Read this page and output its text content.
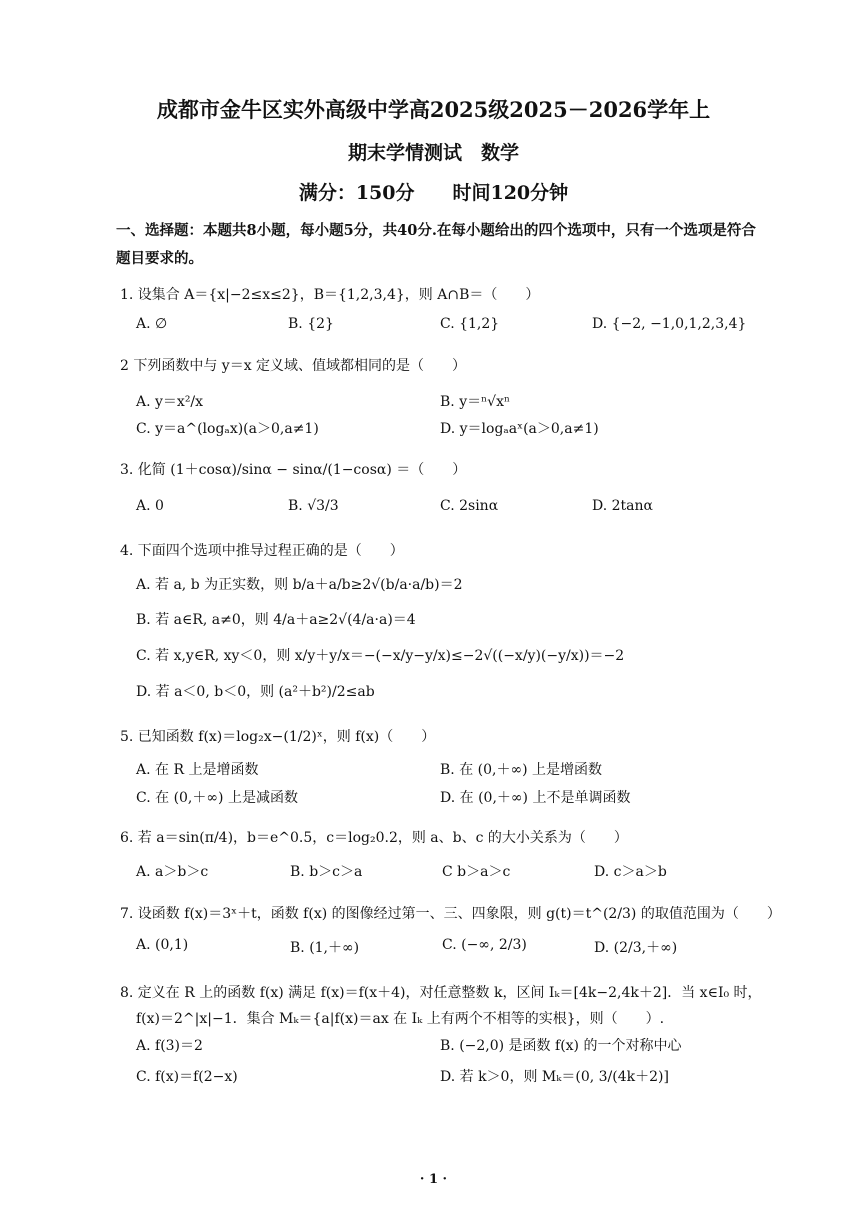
成都市金牛区实外高级中学高2025级2025－2026学年上
期末学情测试　数学
满分：150分　　时间120分钟
一、选择题：本题共8小题，每小题5分，共40分.在每小题给出的四个选项中，只有一个选项是符合题目要求的。
1. 设集合 A＝{x|−2≤x≤2}，B＝{1,2,3,4}，则 A∩B＝（　　）
A. ∅	B. {2}	C. {1,2}	D. {−2, −1,0,1,2,3,4}
2 下列函数中与 y＝x 定义域、值域都相同的是（　　）
A. y＝x²/x	B. y＝ⁿ√xⁿ
C. y＝a^(logₐx)(a＞0,a≠1)	D. y＝logₐaˣ(a＞0,a≠1)
3. 化简 (1＋cosα)/sinα − sinα/(1−cosα) ＝（　　）
A. 0	B. √3/3	C. 2sinα	D. 2tanα
4. 下面四个选项中推导过程正确的是（　　）
A. 若 a, b 为正实数，则 b/a＋a/b≥2√(b/a·a/b)＝2
B. 若 a∈R, a≠0，则 4/a＋a≥2√(4/a·a)＝4
C. 若 x,y∈R, xy＜0，则 x/y＋y/x＝−(−x/y−y/x)≤−2√((−x/y)(−y/x))＝−2
D. 若 a＜0, b＜0，则 (a²＋b²)/2≤ab
5. 已知函数 f(x)＝log₂x−(1/2)ˣ，则 f(x)（　　）
A. 在 R 上是增函数	B. 在 (0,＋∞) 上是增函数
C. 在 (0,＋∞) 上是减函数	D. 在 (0,＋∞) 上不是单调函数
6. 若 a＝sin(π/4)，b＝e^0.5，c＝log₂0.2，则 a、b、c 的大小关系为（　　）
A. a＞b＞c	B. b＞c＞a	C b＞a＞c	D. c＞a＞b
7. 设函数 f(x)＝3ˣ＋t，函数 f(x) 的图像经过第一、三、四象限，则 g(t)＝t^(2/3) 的取值范围为（　　）
A. (0,1)	B. (1,＋∞)	C. (−∞, 2/3)	D. (2/3,＋∞)
8. 定义在 R 上的函数 f(x) 满足 f(x)＝f(x＋4)，对任意整数 k，区间 Iₖ＝[4k−2,4k＋2]．当 x∈I₀ 时，
f(x)＝2^|x|−1．集合 Mₖ＝{a|f(x)＝ax 在 Iₖ 上有两个不相等的实根}，则（　　）.
A. f(3)＝2	B. (−2,0) 是函数 f(x) 的一个对称中心
C. f(x)＝f(2−x)	D. 若 k＞0，则 Mₖ＝(0, 3/(4k＋2)]
· 1 ·
